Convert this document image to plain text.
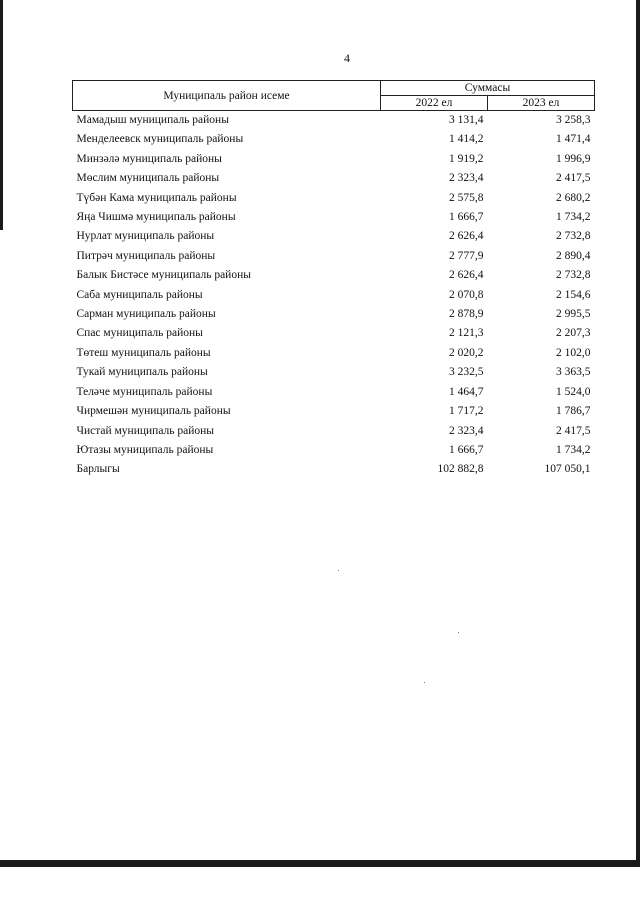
4
Муниципаль район исеме	Суммасы	
	2022 ел	2023 ел
Мамадыш муниципаль районы	3 131,4	3 258,3
Менделеевск муниципаль районы	1 414,2	1 471,4
Минзәлә муниципаль районы	1 919,2	1 996,9
Мөслим муниципаль районы	2 323,4	2 417,5
Түбән Кама муниципаль районы	2 575,8	2 680,2
Яңа Чишмә муниципаль районы	1 666,7	1 734,2
Нурлат муниципаль районы	2 626,4	2 732,8
Питрәч муниципаль районы	2 777,9	2 890,4
Балык Бистәсе муниципаль районы	2 626,4	2 732,8
Саба муниципаль районы	2 070,8	2 154,6
Сарман муниципаль районы	2 878,9	2 995,5
Спас муниципаль районы	2 121,3	2 207,3
Төтеш муниципаль районы	2 020,2	2 102,0
Тукай муниципаль районы	3 232,5	3 363,5
Теләче муниципаль районы	1 464,7	1 524,0
Чирмешән муниципаль районы	1 717,2	1 786,7
Чистай муниципаль районы	2 323,4	2 417,5
Ютазы муниципаль районы	1 666,7	1 734,2
Барлыгы	102 882,8	107 050,1
